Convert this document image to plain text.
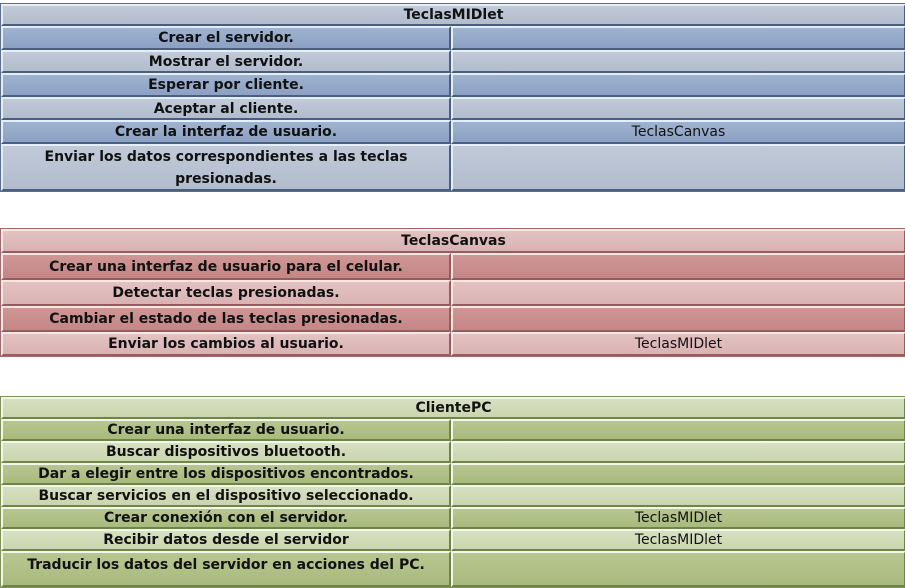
TeclasMIDlet
Crear el servidor.
Mostrar el servidor.
Esperar por cliente.
Aceptar al cliente.
Crear la interfaz de usuario.	TeclasCanvas
Enviar los datos correspondientes a las teclas presionadas.
TeclasCanvas
Crear una interfaz de usuario para el celular.
Detectar teclas presionadas.
Cambiar el estado de las teclas presionadas.
Enviar los cambios al usuario.	TeclasMIDlet
ClientePC
Crear una interfaz de usuario.
Buscar dispositivos bluetooth.
Dar a elegir entre los dispositivos encontrados.
Buscar servicios en el dispositivo seleccionado.
Crear conexión con el servidor.	TeclasMIDlet
Recibir datos desde el servidor	TeclasMIDlet
Traducir los datos del servidor en acciones del PC.
